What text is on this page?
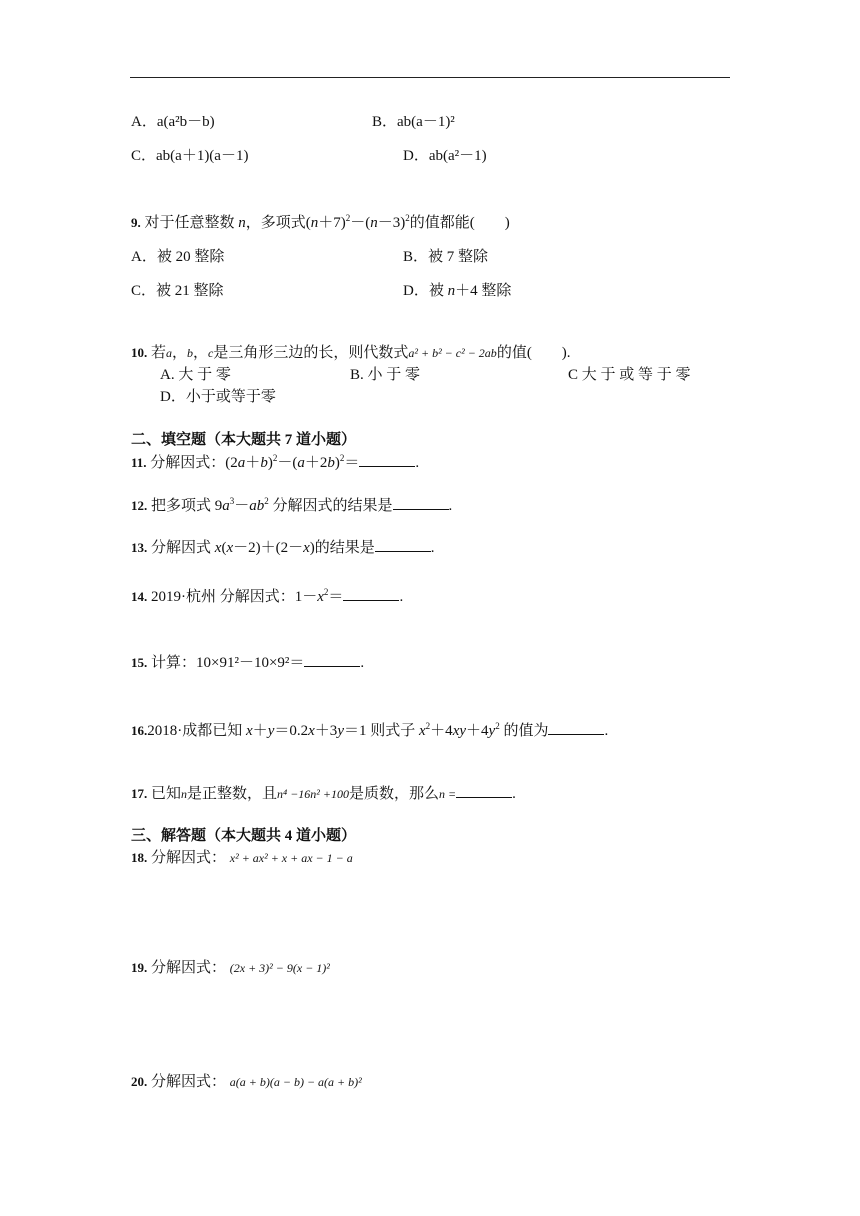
A．a(a²b－b)	B．ab(a－1)²
C．ab(a＋1)(a－1)	D．ab(a²－1)
9. 对于任意整数 n，多项式$(n+7)^2-(n-3)^2$的值都能(　　)
A．被 20 整除	B．被 7 整除
C．被 21 整除	D．被 n＋4 整除
10. 若a，b，c是三角形三边的长，则代数式a² + b² − c² − 2ab的值(　　).
A. 大 于 零	B. 小 于 零	C 大 于 或 等 于 零
D．小于或等于零
二、填空题（本大题共 7 道小题）
11. 分解因式：$(2a+b)^2-(a+2b)^2=$	.
12. 把多项式 $9a^3-ab^2$ 分解因式的结果是	.
13. 分解因式 x(x－2)＋(2－x)的结果是	.
14. 2019·杭州 分解因式：$1-x^2=$	.
15. 计算：10×91²－10×9²＝	.
16.2018·成都已知 x＋y＝0.2x＋3y＝1 则式子 $x^2+4xy+4y^2$ 的值为	.
17. 已知n是正整数，且n⁴ −16n² +100是质数，那么n =	.
三、解答题（本大题共 4 道小题）
18. 分解因式： x² + ax² + x + ax − 1 − a
19. 分解因式： (2x + 3)² − 9(x − 1)²
20. 分解因式： a(a + b)(a − b) − a(a + b)²
